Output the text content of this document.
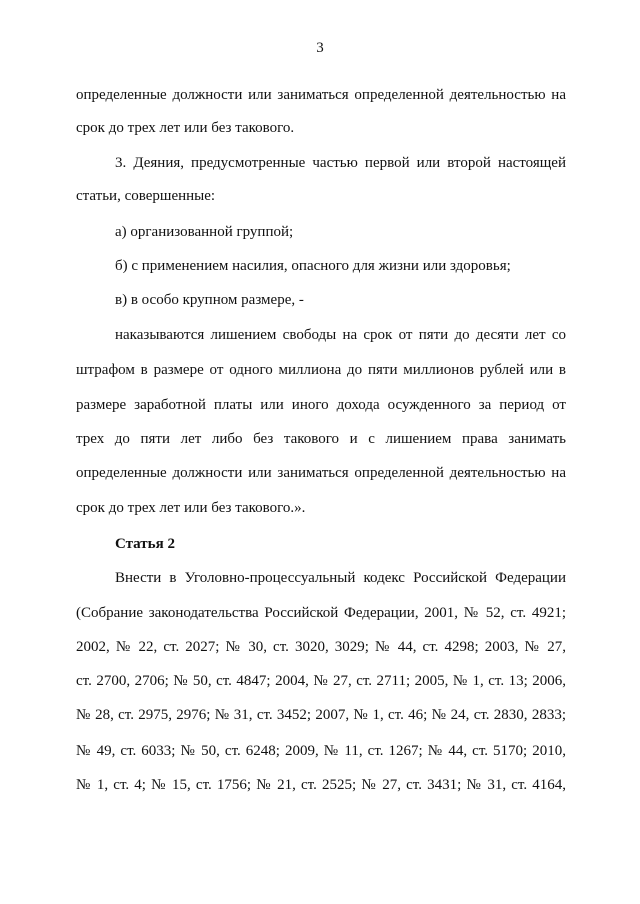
3
определенные должности или заниматься определенной деятельностью на
срок до трех лет или без такового.
3. Деяния, предусмотренные частью первой или второй настоящей
статьи, совершенные:
а) организованной группой;
б) с применением насилия, опасного для жизни или здоровья;
в) в особо крупном размере, -
наказываются лишением свободы на срок от пяти до десяти лет со
штрафом в размере от одного миллиона до пяти миллионов рублей или в
размере заработной платы или иного дохода осужденного за период от
трех до пяти лет либо без такового и с лишением права занимать
определенные должности или заниматься определенной деятельностью на
срок до трех лет или без такового.».
Статья 2
Внести в Уголовно-процессуальный кодекс Российской Федерации
(Собрание законодательства Российской Федерации, 2001, № 52, ст. 4921;
2002, № 22, ст. 2027; № 30, ст. 3020, 3029; № 44, ст. 4298; 2003, № 27,
ст. 2700, 2706; № 50, ст. 4847; 2004, № 27, ст. 2711; 2005, № 1, ст. 13; 2006,
№ 28, ст. 2975, 2976; № 31, ст. 3452; 2007, № 1, ст. 46; № 24, ст. 2830, 2833;
№ 49, ст. 6033; № 50, ст. 6248; 2009, № 11, ст. 1267; № 44, ст. 5170; 2010,
№ 1, ст. 4; № 15, ст. 1756; № 21, ст. 2525; № 27, ст. 3431; № 31, ст. 4164,
